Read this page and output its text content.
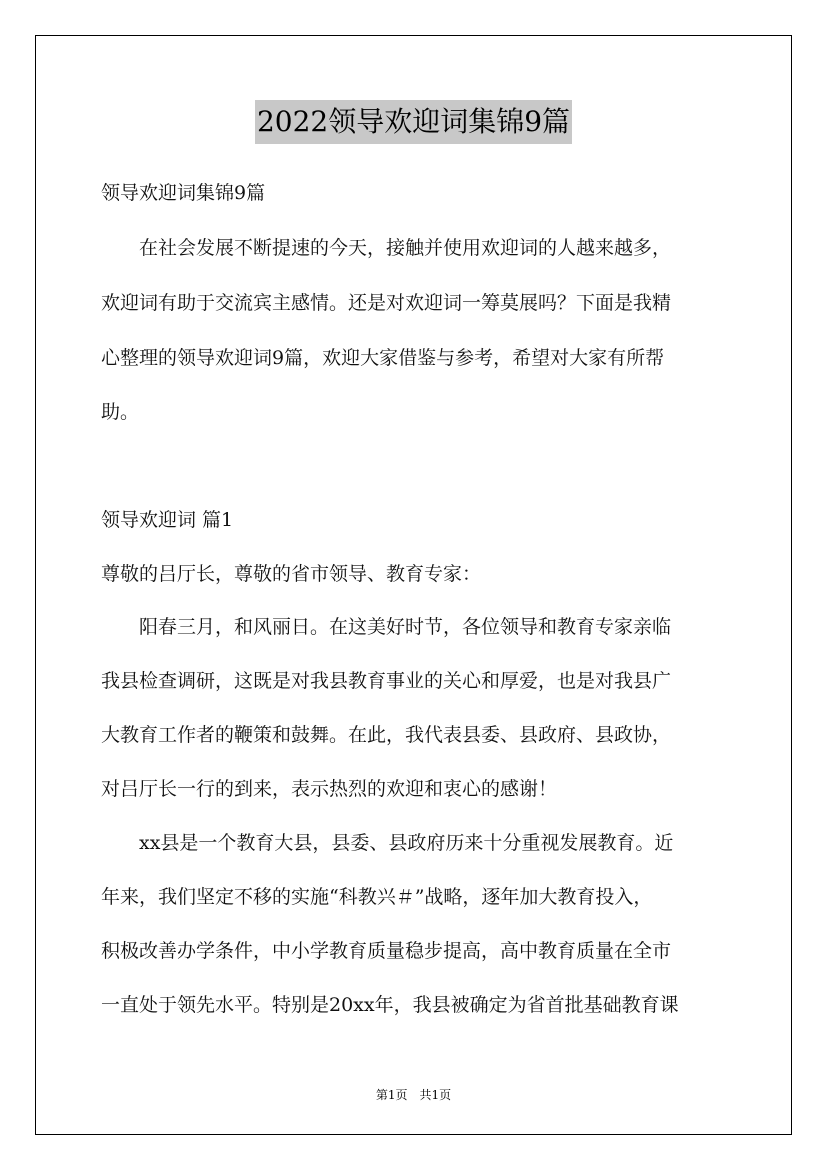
2022领导欢迎词集锦9篇
领导欢迎词集锦9篇
　　在社会发展不断提速的今天，接触并使用欢迎词的人越来越多，
欢迎词有助于交流宾主感情。还是对欢迎词一筹莫展吗？下面是我精
心整理的领导欢迎词9篇，欢迎大家借鉴与参考，希望对大家有所帮
助。
领导欢迎词 篇1
尊敬的吕厅长，尊敬的省市领导、教育专家：
　　阳春三月，和风丽日。在这美好时节，各位领导和教育专家亲临
我县检查调研，这既是对我县教育事业的关心和厚爱，也是对我县广
大教育工作者的鞭策和鼓舞。在此，我代表县委、县政府、县政协，
对吕厅长一行的到来，表示热烈的欢迎和衷心的感谢！
　　xx县是一个教育大县，县委、县政府历来十分重视发展教育。近
年来，我们坚定不移的实施“科教兴＃”战略，逐年加大教育投入，
积极改善办学条件，中小学教育质量稳步提高，高中教育质量在全市
一直处于领先水平。特别是20xx年，我县被确定为省首批基础教育课
第1页　共1页
